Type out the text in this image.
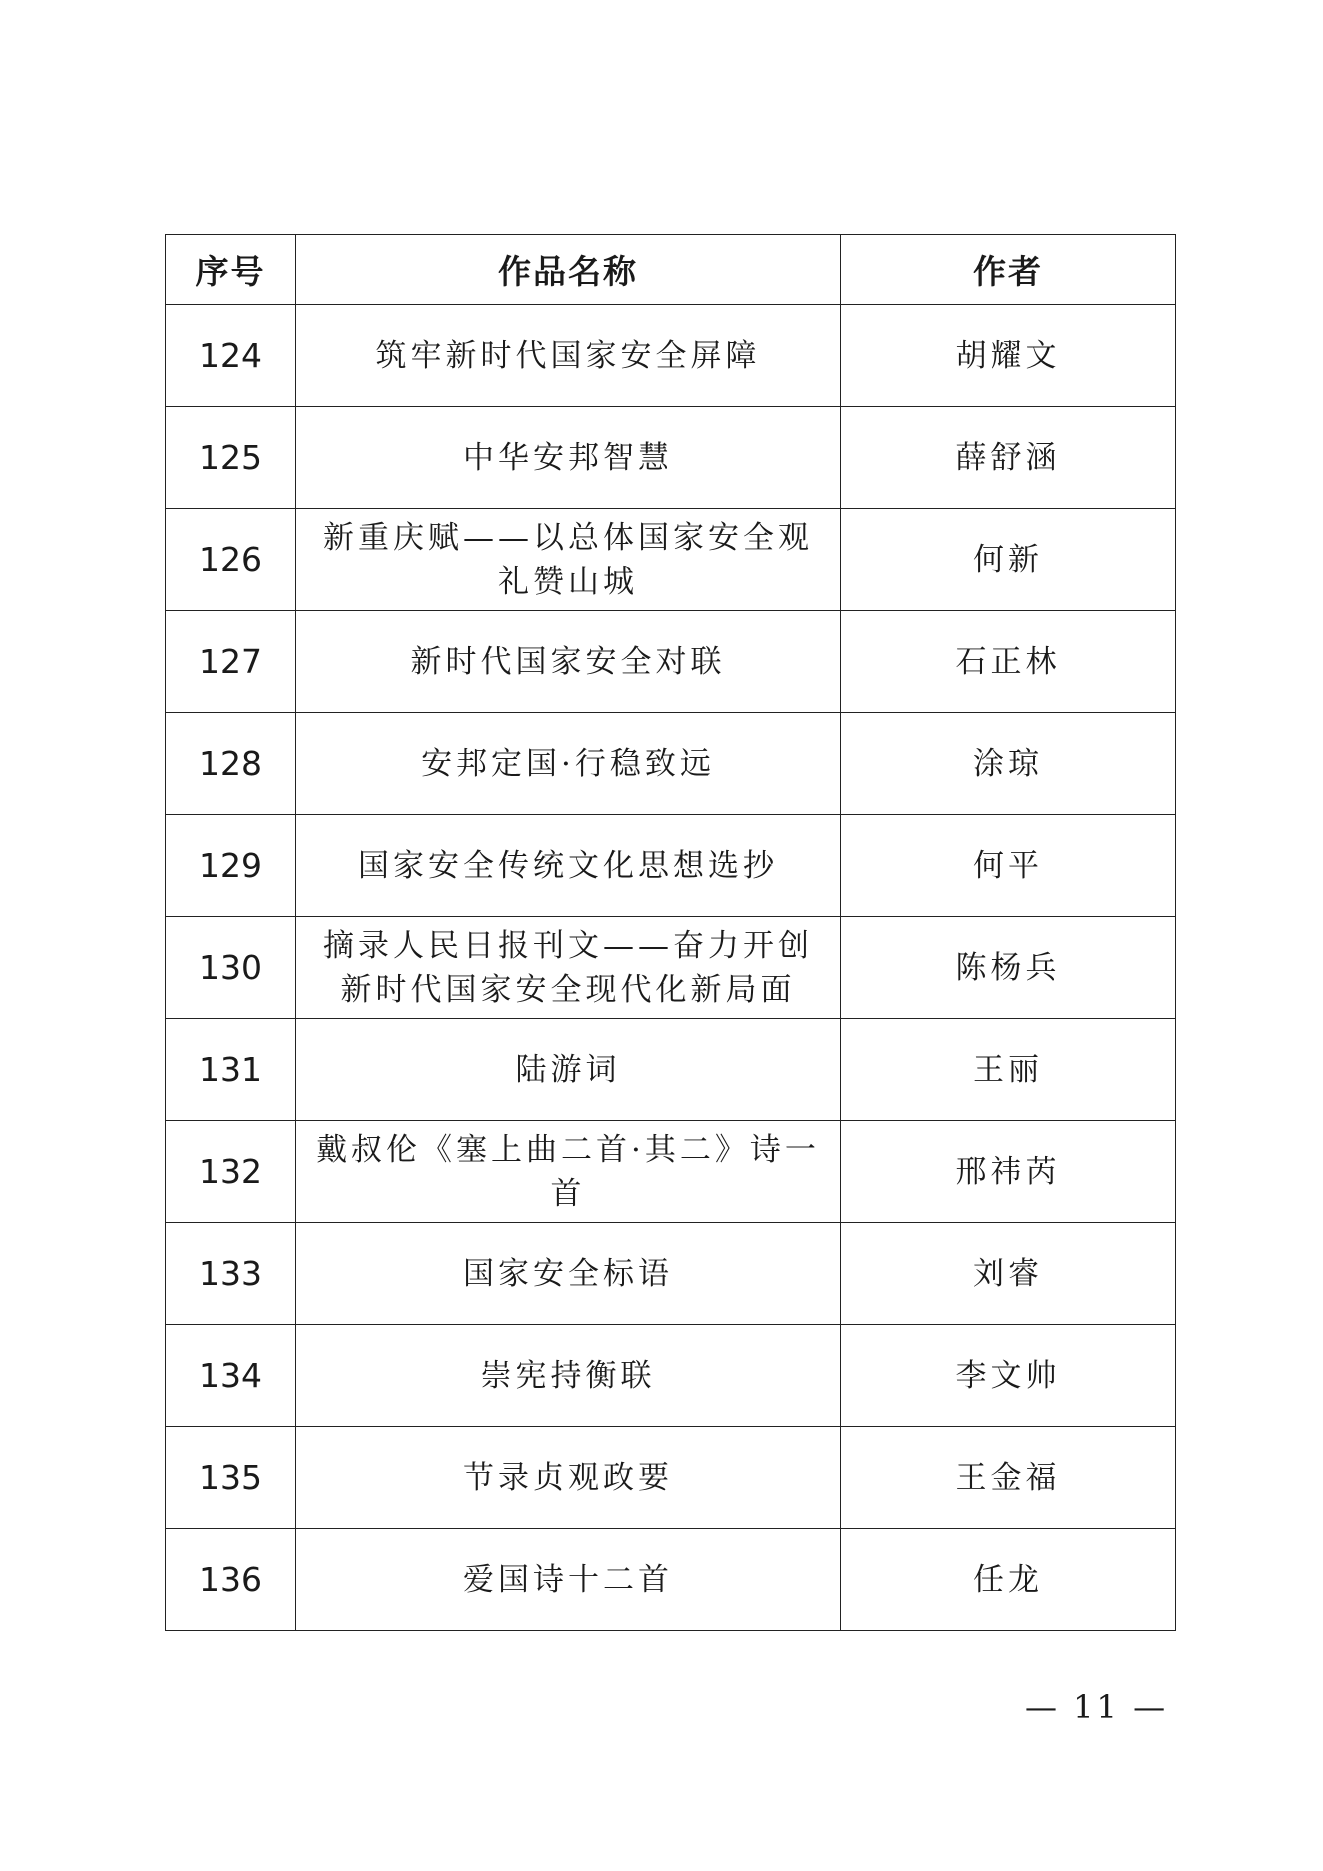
序号	作品名称	作者
124	筑牢新时代国家安全屏障	胡耀文
125	中华安邦智慧	薛舒涵
126	新重庆赋——以总体国家安全观礼赞山城	何新
127	新时代国家安全对联	石正林
128	安邦定国·行稳致远	涂琼
129	国家安全传统文化思想选抄	何平
130	摘录人民日报刊文——奋力开创新时代国家安全现代化新局面	陈杨兵
131	陆游词	王丽
132	戴叔伦《塞上曲二首·其二》诗一首	邢祎芮
133	国家安全标语	刘睿
134	崇宪持衡联	李文帅
135	节录贞观政要	王金福
136	爱国诗十二首	任龙
— 11 —
